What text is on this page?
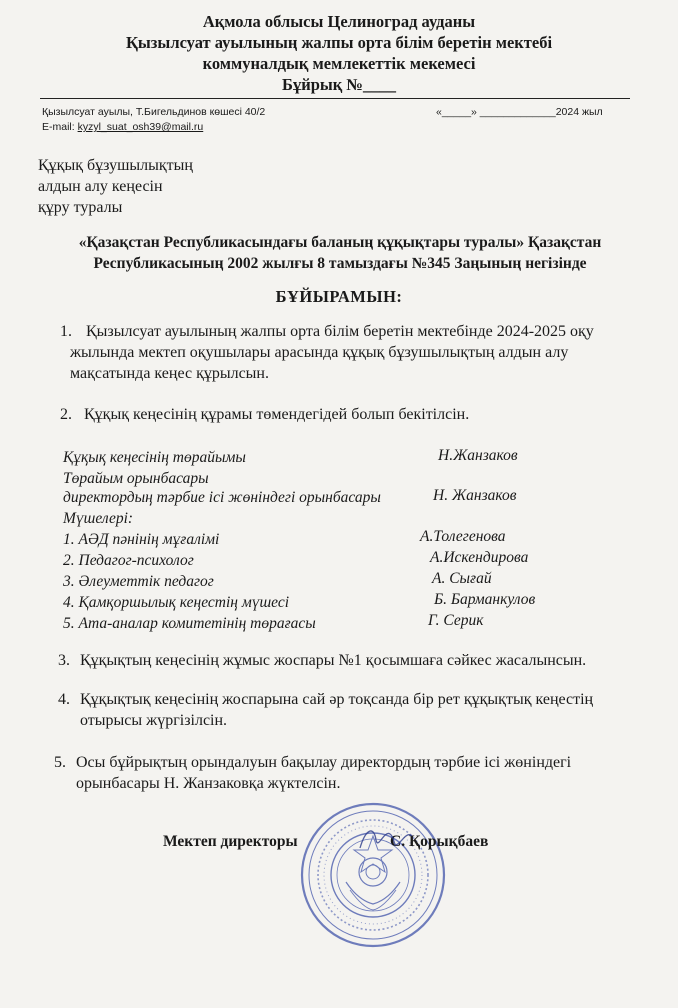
Ақмола облысы Целиноград ауданы
Қызылсуат ауылының жалпы орта білім беретін мектебі
коммуналдық мемлекеттік мекемесі
Бұйрық №____
Қызылсуат ауылы, Т.Бигельдинов көшесі 40/2
E-mail: kyzyl_suat_osh39@mail.ru
«_____» _____________2024 жыл
Құқық бұзушылықтың
алдын алу кеңесін
құру туралы
«Қазақстан Республикасындағы баланың құқықтары туралы» Қазақстан
Республикасының 2002 жылғы 8 тамыздағы №345 Заңының негізінде
БҰЙЫРАМЫН:
1. Қызылсуат ауылының жалпы орта білім беретін мектебінде 2024-2025 оқу
жылында мектеп оқушылары арасында құқық бұзушылықтың алдын алу
мақсатында кеңес құрылсын.
2. Құқық кеңесінің құрамы төмендегідей болып бекітілсін.
Құқық кеңесінің төрайымы	Н.Жанзаков
Төрайым орынбасары
директордың тәрбие ісі жөніндегі орынбасары	Н. Жанзаков
Мүшелері:
1. АӘД пәнінің мұғалімі	А.Толегенова
2. Педагог-психолог	А.Искендирова
3. Әлеуметтік педагог	А. Сығай
4. Қамқоршылық кеңестің мүшесі	Б. Барманкулов
5. Ата-аналар комитетінің төрағасы	Г. Серик
3. Құқықтың кеңесінің жұмыс жоспары №1 қосымшаға сәйкес жасалынсын.
4. Құқықтық кеңесінің жоспарына сай әр тоқсанда бір рет құқықтық кеңестің
отырысы жүргізілсін.
5. Осы бұйрықтың орындалуын бақылау директордың тәрбие ісі жөніндегі
орынбасары Н. Жанзаковқа жүктелсін.
Мектеп директоры	С. Қорықбаев
